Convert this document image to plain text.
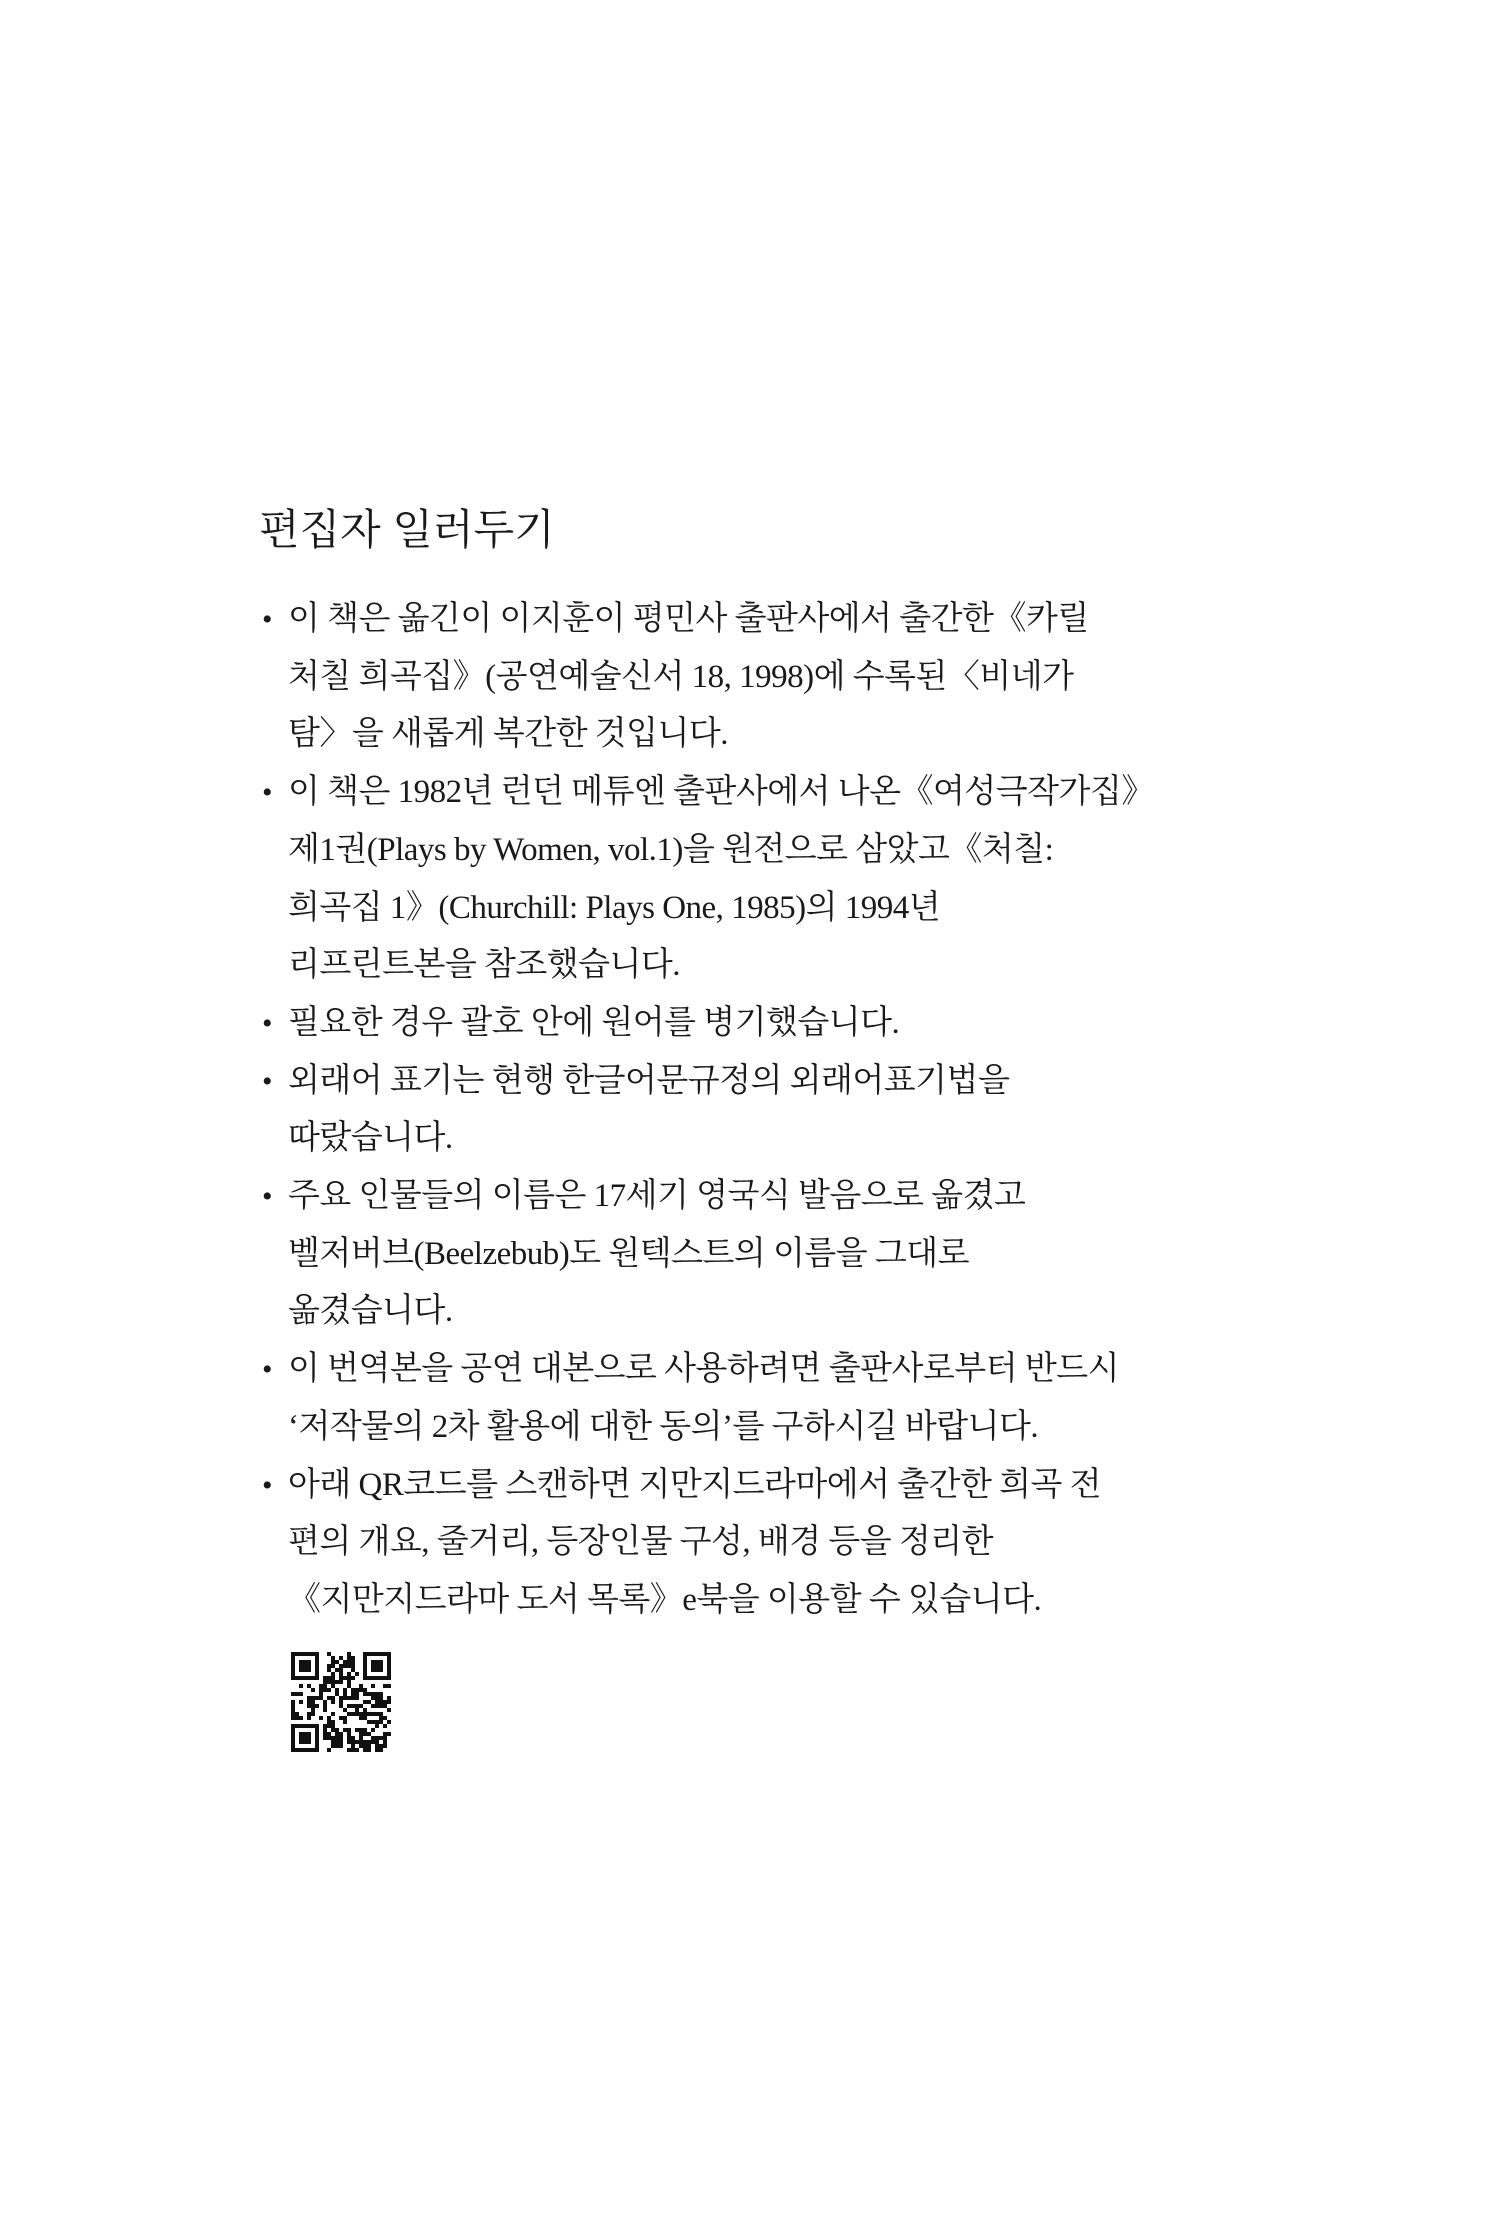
편집자 일러두기
• 이 책은 옮긴이 이지훈이 평민사 출판사에서 출간한《카릴
처칠 희곡집》(공연예술신서 18, 1998)에 수록된〈비네가
탐〉을 새롭게 복간한 것입니다.
• 이 책은 1982년 런던 메튜엔 출판사에서 나온《여성극작가집》
제1권(Plays by Women, vol.1)을 원전으로 삼았고《처칠:
희곡집 1》(Churchill: Plays One, 1985)의 1994년
리프린트본을 참조했습니다.
• 필요한 경우 괄호 안에 원어를 병기했습니다.
• 외래어 표기는 현행 한글어문규정의 외래어표기법을
따랐습니다.
• 주요 인물들의 이름은 17세기 영국식 발음으로 옮겼고
벨저버브(Beelzebub)도 원텍스트의 이름을 그대로
옮겼습니다.
• 이 번역본을 공연 대본으로 사용하려면 출판사로부터 반드시
‘저작물의 2차 활용에 대한 동의’를 구하시길 바랍니다.
• 아래 QR코드를 스캔하면 지만지드라마에서 출간한 희곡 전
편의 개요, 줄거리, 등장인물 구성, 배경 등을 정리한
《지만지드라마 도서 목록》e북을 이용할 수 있습니다.
